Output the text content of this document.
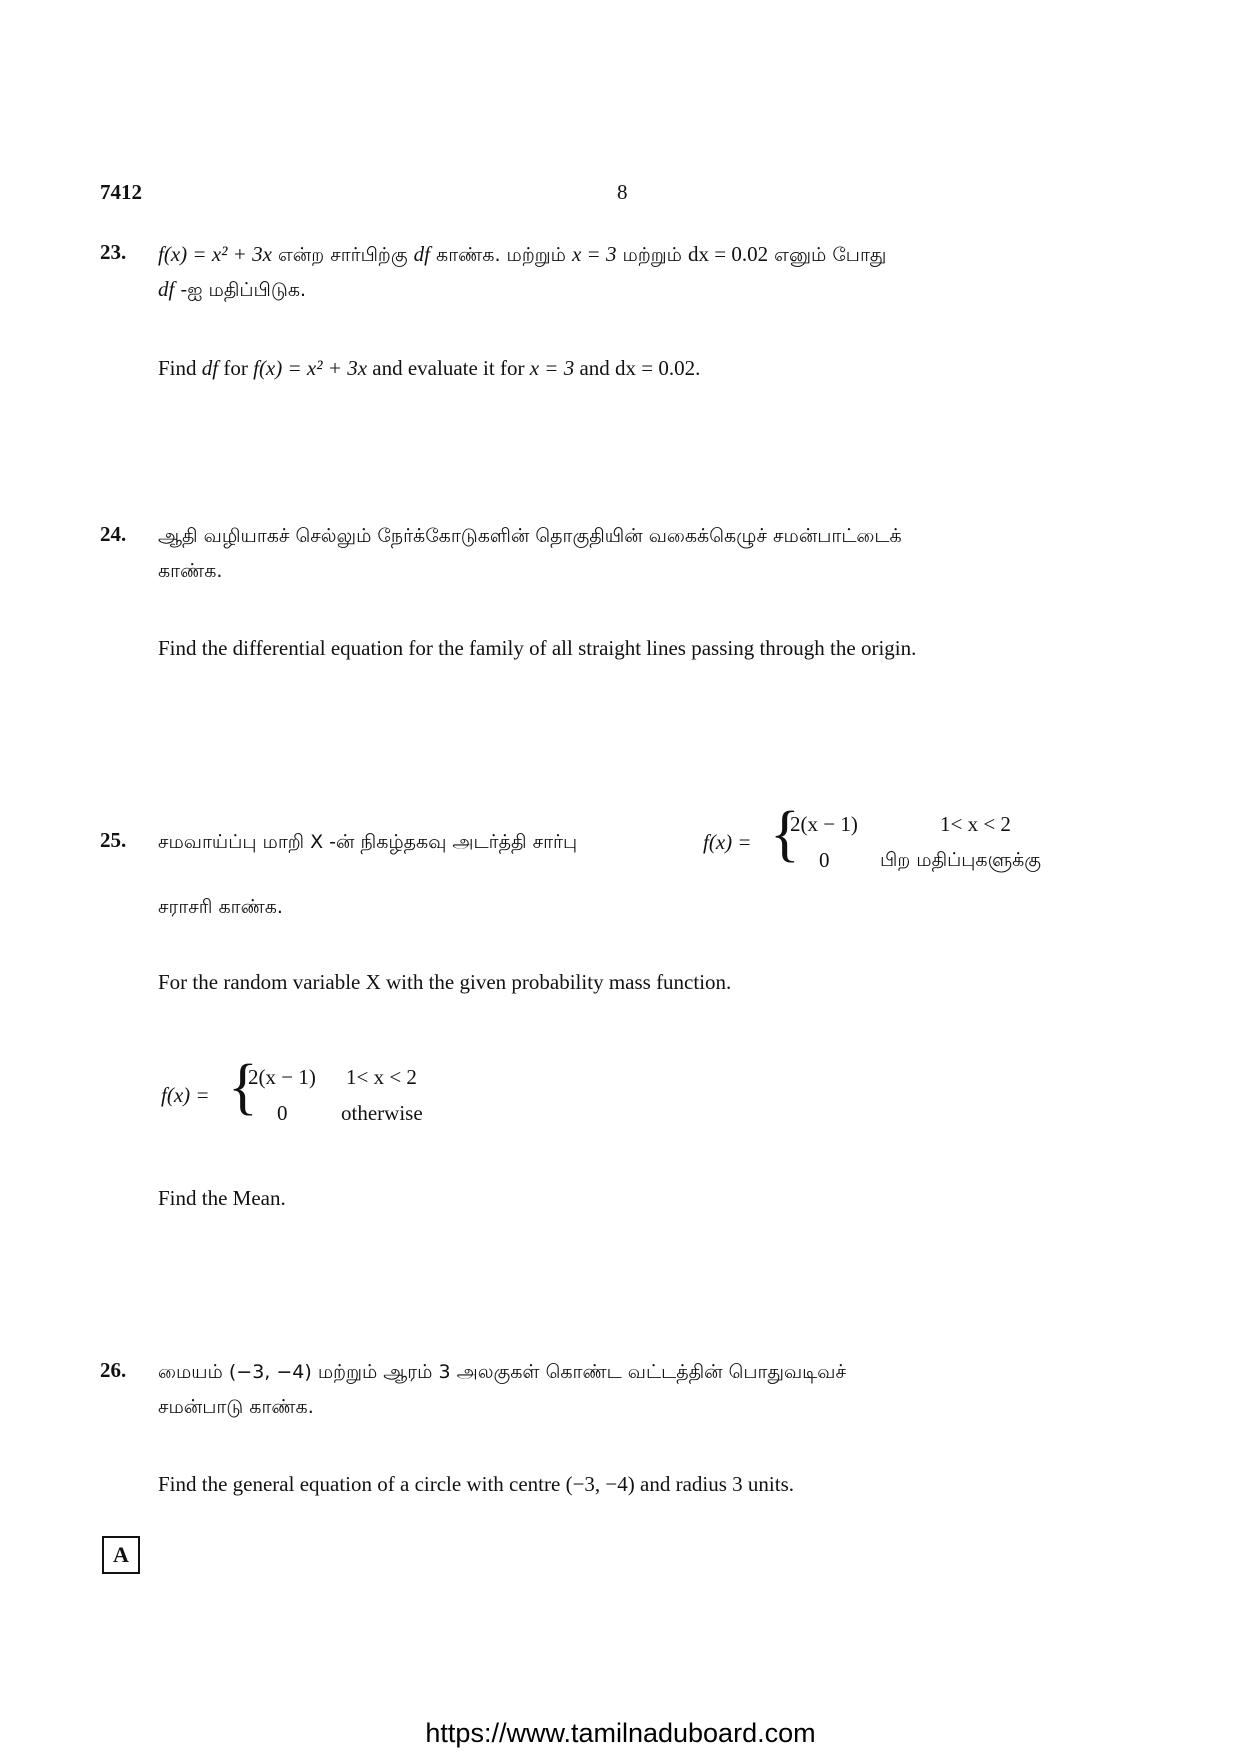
7412	8
23. f(x) = x² + 3x என்ற சார்பிற்கு df காண்க. மற்றும் x = 3 மற்றும் dx = 0.02 எனும் போது
df -ஐ மதிப்பிடுக.
Find df for f(x) = x² + 3x and evaluate it for x = 3 and dx = 0.02.
24. ஆதி வழியாகச் செல்லும் நேர்க்கோடுகளின் தொகுதியின் வகைக்கெழுச் சமன்பாட்டைக்
காண்க.
Find the differential equation for the family of all straight lines passing through the origin.
25. சமவாய்ப்பு மாறி X -ன் நிகழ்தகவு அடர்த்தி சார்பு	f(x) = {
2(x − 1)	1< x < 2
0	பிற மதிப்புகளுக்கு
சராசரி காண்க.
For the random variable X with the given probability mass function.
f(x) = {
2(x − 1) 1< x < 2
0	otherwise
Find the Mean.
26. மையம் (−3, −4) மற்றும் ஆரம் 3 அலகுகள் கொண்ட வட்டத்தின் பொதுவடிவச்
சமன்பாடு காண்க.
Find the general equation of a circle with centre (−3, −4) and radius 3 units.
A
https://www.tamilnaduboard.com
